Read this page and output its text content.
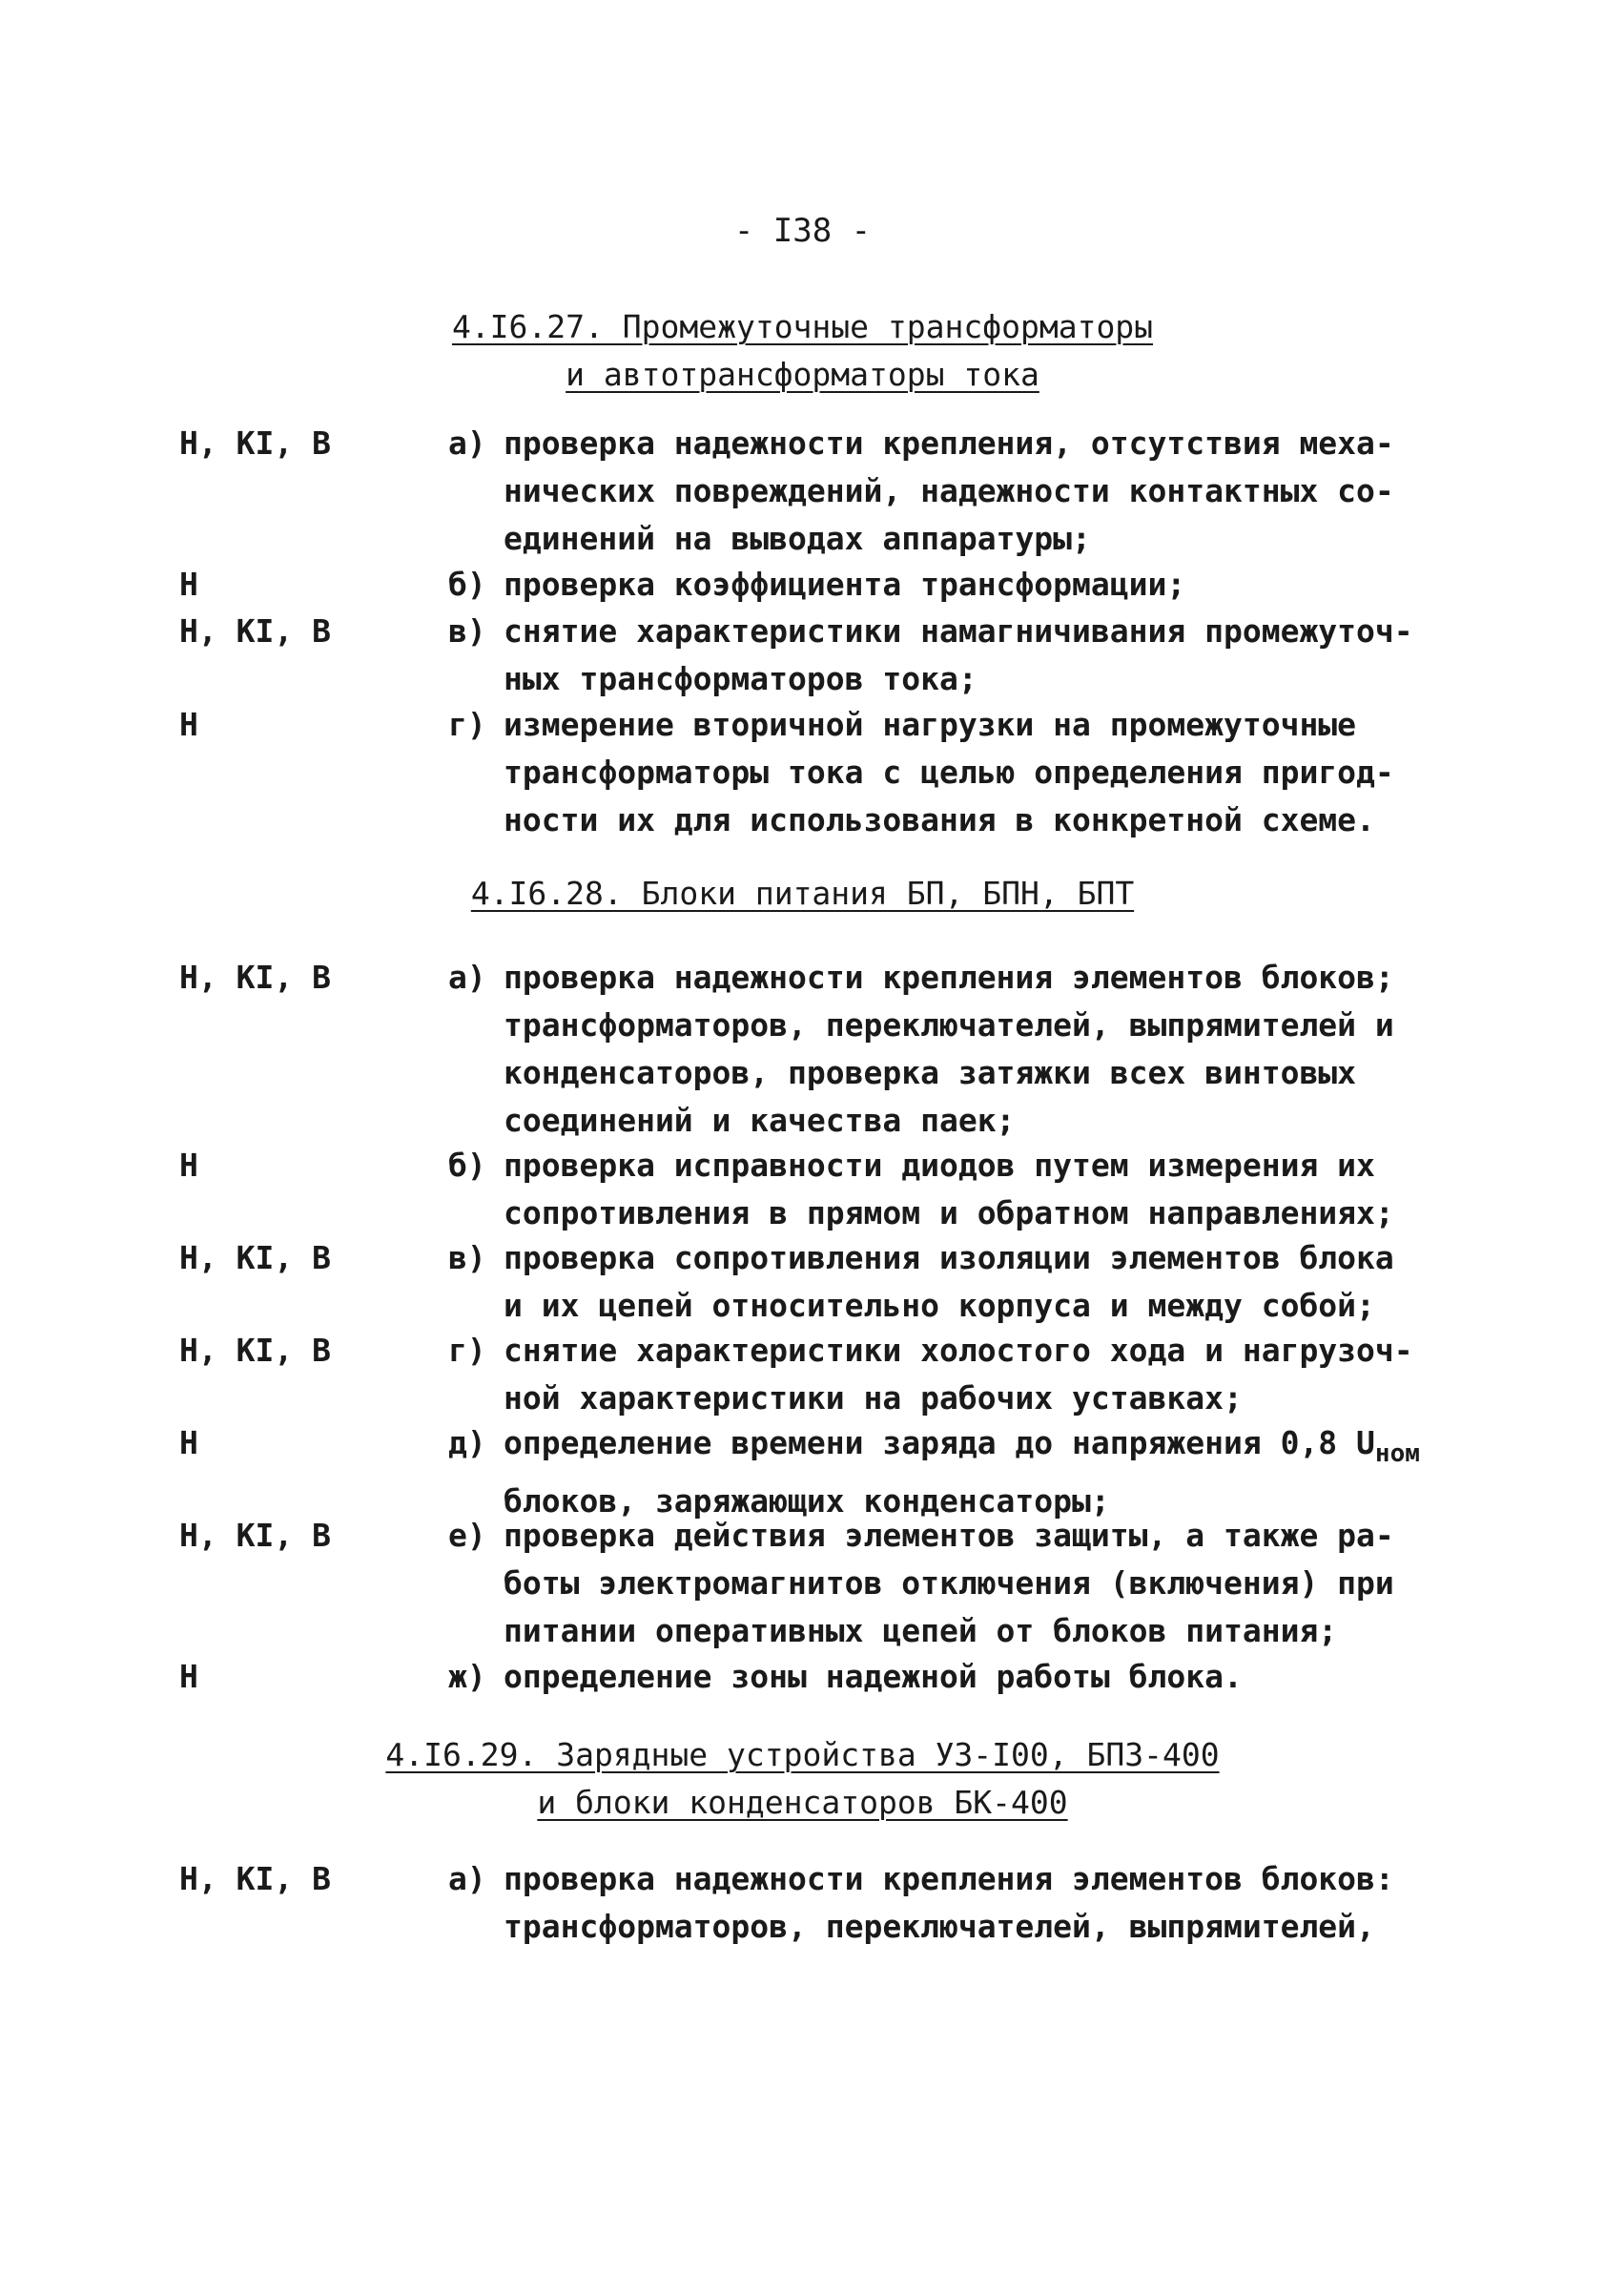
- I38 -
4.I6.27. Промежуточные трансформаторы
и автотрансформаторы тока
Н, КI, В	а) проверка надежности крепления, отсутствия меха-
нических повреждений, надежности контактных со-
единений на выводах аппаратуры;
Н	б) проверка коэффициента трансформации;
Н, КI, В	в) снятие характеристики намагничивания промежуточ-
ных трансформаторов тока;
Н	г) измерение вторичной нагрузки на промежуточные
трансформаторы тока с целью определения пригод-
ности их для использования в конкретной схеме.
4.I6.28. Блоки питания БП, БПН, БПТ
Н, КI, В	а) проверка надежности крепления элементов блоков;
трансформаторов, переключателей, выпрямителей и
конденсаторов, проверка затяжки всех винтовых
соединений и качества паек;
Н	б) проверка исправности диодов путем измерения их
сопротивления в прямом и обратном направлениях;
Н, КI, В	в) проверка сопротивления изоляции элементов блока
и их цепей относительно корпуса и между собой;
Н, КI, В	г) снятие характеристики холостого хода и нагрузоч-
ной характеристики на рабочих уставках;
Н	д) определение времени заряда до напряжения 0,8 $U_{ном}$
блоков, заряжающих конденсаторы;
Н, КI, В	е) проверка действия элементов защиты, а также ра-
боты электромагнитов отключения (включения) при
питании оперативных цепей от блоков питания;
Н	ж) определение зоны надежной работы блока.
4.I6.29. Зарядные устройства УЗ-I00, БПЗ-400
и блоки конденсаторов БК-400
Н, КI, В	а) проверка надежности крепления элементов блоков:
трансформаторов, переключателей, выпрямителей,
